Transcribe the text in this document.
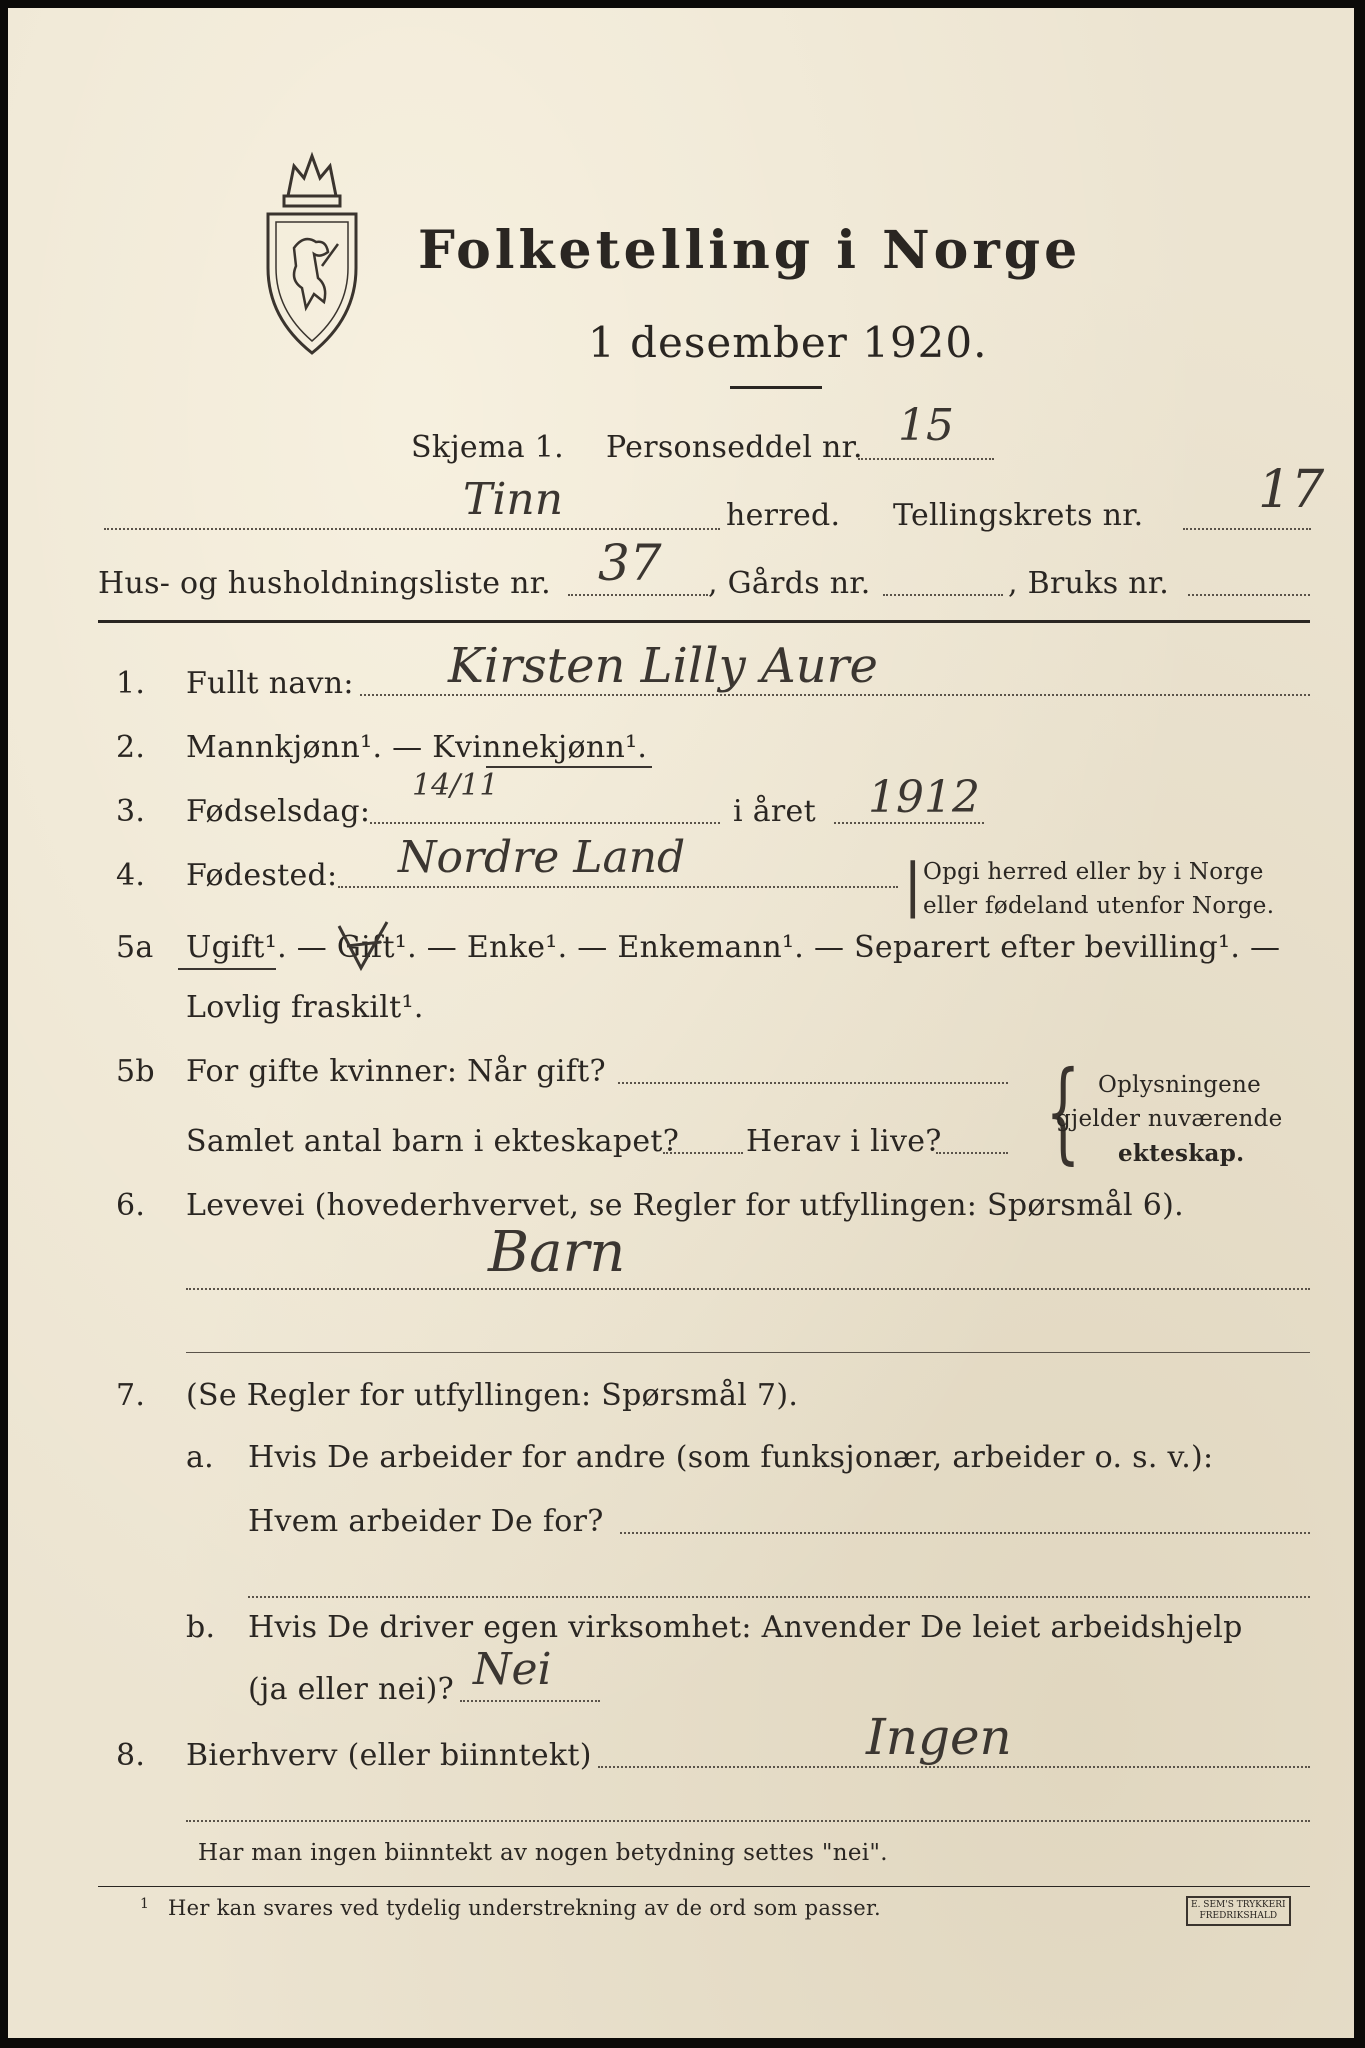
Folketelling i Norge
1 desember 1920.
Skjema 1. Personseddel nr. 15
Tinn	herred. Tellingskrets nr. 17
Hus- og husholdningsliste nr. 37 , Gårds nr.	, Bruks nr.
1. Fullt navn: Kirsten Lilly Aure
2. Mannkjønn¹. — Kvinnekjønn¹.
3. Fødselsdag:
14/11
i året 1912
4. Fødested: Nordre Land	| Opgi herred eller by i Norge
eller fødeland utenfor Norge.
5a Ugift¹. — Gift¹. — Enke¹. — Enkemann¹. — Separert efter bevilling¹. —
Lovlig fraskilt¹.
5b For gifte kvinner: Når gift?
Samlet antal barn i ekteskapet? Herav i live? { Oplysningene
gjelder nuværende
ekteskap.
6. Levevei (hovederhvervet, se Regler for utfyllingen: Spørsmål 6).
Barn
7. (Se Regler for utfyllingen: Spørsmål 7).
a. Hvis De arbeider for andre (som funksjonær, arbeider o. s. v.):
Hvem arbeider De for?
b. Hvis De driver egen virksomhet: Anvender De leiet arbeidshjelp
(ja eller nei)? Nei
8. Bierhverv (eller biinntekt)	Ingen
Har man ingen biinntekt av nogen betydning settes "nei".
1 Her kan svares ved tydelig understrekning av de ord som passer.	E. SEM'S TRYKKERI
FREDRIKSHALD
